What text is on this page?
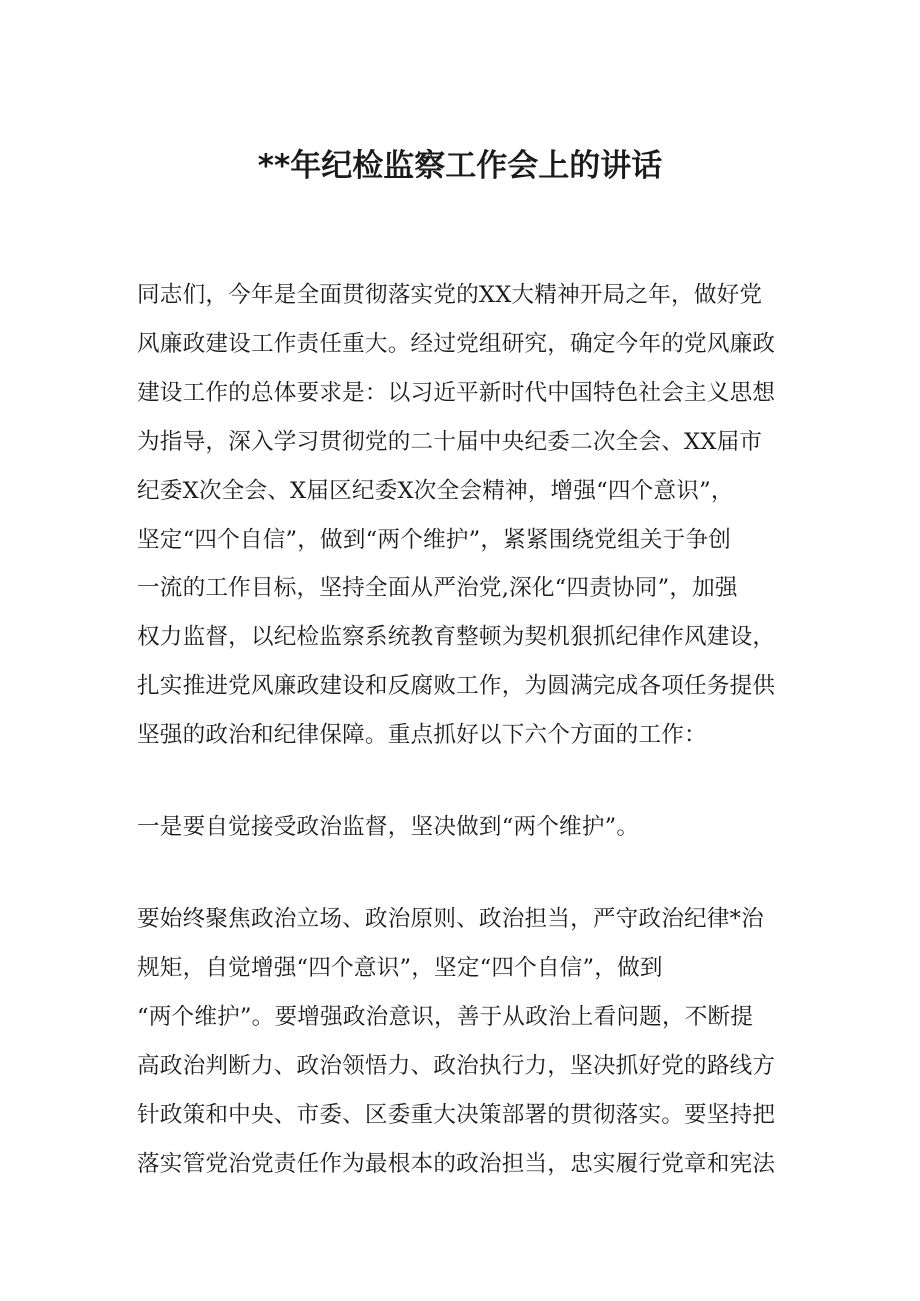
**年纪检监察工作会上的讲话

同志们，今年是全面贯彻落实党的XX大精神开局之年，做好党
风廉政建设工作责任重大。经过党组研究，确定今年的党风廉政
建设工作的总体要求是：以习近平新时代中国特色社会主义思想
为指导，深入学习贯彻党的二十届中央纪委二次全会、XX届市
纪委X次全会、X届区纪委X次全会精神，增强“四个意识”，
坚定“四个自信”，做到“两个维护”，紧紧围绕党组关于争创
一流的工作目标，坚持全面从严治党,深化“四责协同”，加强
权力监督，以纪检监察系统教育整顿为契机狠抓纪律作风建设，
扎实推进党风廉政建设和反腐败工作，为圆满完成各项任务提供
坚强的政治和纪律保障。重点抓好以下六个方面的工作：

一是要自觉接受政治监督，坚决做到“两个维护”。

要始终聚焦政治立场、政治原则、政治担当，严守政治纪律*治
规矩，自觉增强“四个意识”，坚定“四个自信”，做到
“两个维护”。要增强政治意识，善于从政治上看问题，不断提
高政治判断力、政治领悟力、政治执行力，坚决抓好党的路线方
针政策和中央、市委、区委重大决策部署的贯彻落实。要坚持把
落实管党治党责任作为最根本的政治担当，忠实履行党章和宪法
